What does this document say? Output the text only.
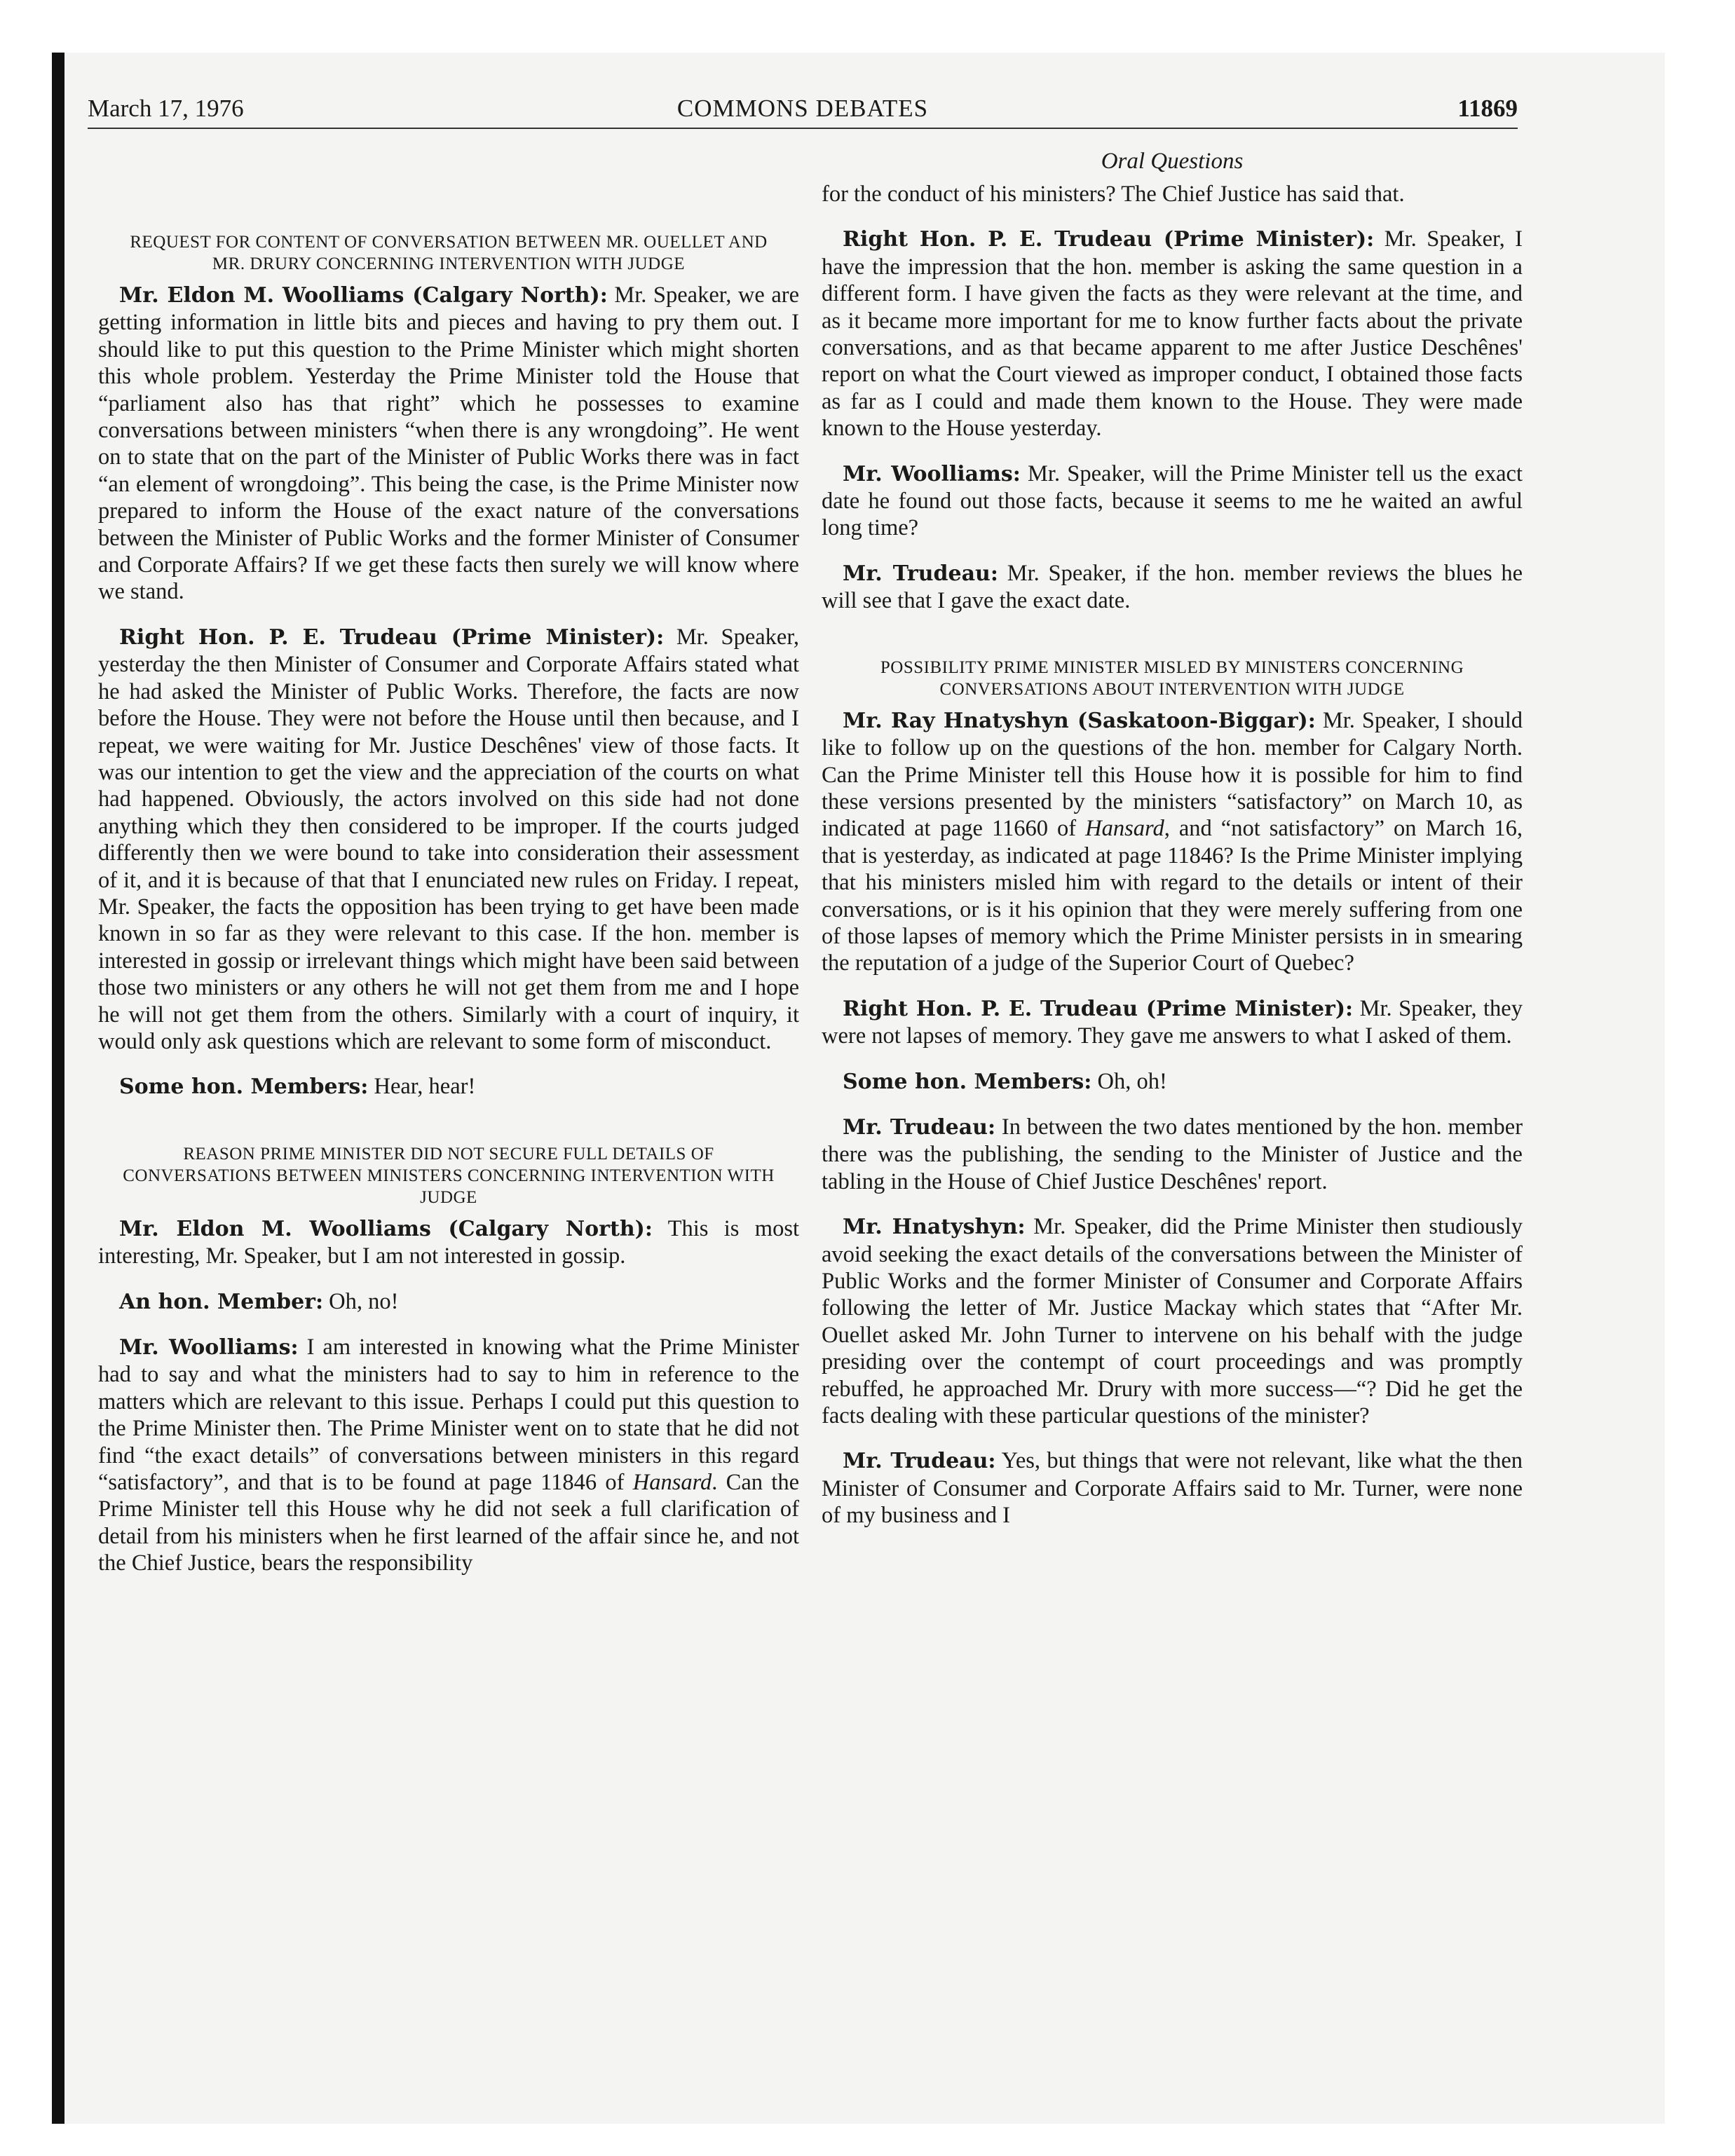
March 17, 1976	COMMONS DEBATES	11869
REQUEST FOR CONTENT OF CONVERSATION BETWEEN MR. OUELLET AND MR. DRURY CONCERNING INTERVENTION WITH JUDGE

Mr. Eldon M. Woolliams (Calgary North): Mr. Speaker, we are getting information in little bits and pieces and having to pry them out. I should like to put this question to the Prime Minister which might shorten this whole problem. Yesterday the Prime Minister told the House that “parliament also has that right” which he possesses to examine conversations between ministers “when there is any wrongdoing”. He went on to state that on the part of the Minister of Public Works there was in fact “an element of wrongdoing”. This being the case, is the Prime Minister now prepared to inform the House of the exact nature of the conversations between the Minister of Public Works and the former Minister of Consumer and Corporate Affairs? If we get these facts then surely we will know where we stand.

Right Hon. P. E. Trudeau (Prime Minister): Mr. Speaker, yesterday the then Minister of Consumer and Corporate Affairs stated what he had asked the Minister of Public Works. Therefore, the facts are now before the House. They were not before the House until then because, and I repeat, we were waiting for Mr. Justice Deschênes' view of those facts. It was our intention to get the view and the appreciation of the courts on what had happened. Obviously, the actors involved on this side had not done anything which they then considered to be improper. If the courts judged differently then we were bound to take into consideration their assessment of it, and it is because of that that I enunciated new rules on Friday. I repeat, Mr. Speaker, the facts the opposition has been trying to get have been made known in so far as they were relevant to this case. If the hon. member is interested in gossip or irrelevant things which might have been said between those two ministers or any others he will not get them from me and I hope he will not get them from the others. Similarly with a court of inquiry, it would only ask questions which are relevant to some form of misconduct.

Some hon. Members: Hear, hear!

REASON PRIME MINISTER DID NOT SECURE FULL DETAILS OF CONVERSATIONS BETWEEN MINISTERS CONCERNING INTERVENTION WITH JUDGE

Mr. Eldon M. Woolliams (Calgary North): This is most interesting, Mr. Speaker, but I am not interested in gossip.

An hon. Member: Oh, no!

Mr. Woolliams: I am interested in knowing what the Prime Minister had to say and what the ministers had to say to him in reference to the matters which are relevant to this issue. Perhaps I could put this question to the Prime Minister then. The Prime Minister went on to state that he did not find “the exact details” of conversations between ministers in this regard “satisfactory”, and that is to be found at page 11846 of Hansard. Can the Prime Minister tell this House why he did not seek a full clarification of detail from his ministers when he first learned of the affair since he, and not the Chief Justice, bears the responsibility

Oral Questions

for the conduct of his ministers? The Chief Justice has said that.

Right Hon. P. E. Trudeau (Prime Minister): Mr. Speaker, I have the impression that the hon. member is asking the same question in a different form. I have given the facts as they were relevant at the time, and as it became more important for me to know further facts about the private conversations, and as that became apparent to me after Justice Deschênes' report on what the Court viewed as improper conduct, I obtained those facts as far as I could and made them known to the House. They were made known to the House yesterday.

Mr. Woolliams: Mr. Speaker, will the Prime Minister tell us the exact date he found out those facts, because it seems to me he waited an awful long time?

Mr. Trudeau: Mr. Speaker, if the hon. member reviews the blues he will see that I gave the exact date.

POSSIBILITY PRIME MINISTER MISLED BY MINISTERS CONCERNING CONVERSATIONS ABOUT INTERVENTION WITH JUDGE

Mr. Ray Hnatyshyn (Saskatoon-Biggar): Mr. Speaker, I should like to follow up on the questions of the hon. member for Calgary North. Can the Prime Minister tell this House how it is possible for him to find these versions presented by the ministers “satisfactory” on March 10, as indicated at page 11660 of Hansard, and “not satisfactory” on March 16, that is yesterday, as indicated at page 11846? Is the Prime Minister implying that his ministers misled him with regard to the details or intent of their conversations, or is it his opinion that they were merely suffering from one of those lapses of memory which the Prime Minister persists in in smearing the reputation of a judge of the Superior Court of Quebec?

Right Hon. P. E. Trudeau (Prime Minister): Mr. Speaker, they were not lapses of memory. They gave me answers to what I asked of them.

Some hon. Members: Oh, oh!

Mr. Trudeau: In between the two dates mentioned by the hon. member there was the publishing, the sending to the Minister of Justice and the tabling in the House of Chief Justice Deschênes' report.

Mr. Hnatyshyn: Mr. Speaker, did the Prime Minister then studiously avoid seeking the exact details of the conversations between the Minister of Public Works and the former Minister of Consumer and Corporate Affairs following the letter of Mr. Justice Mackay which states that “After Mr. Ouellet asked Mr. John Turner to intervene on his behalf with the judge presiding over the contempt of court proceedings and was promptly rebuffed, he approached Mr. Drury with more success—“? Did he get the facts dealing with these particular questions of the minister?

Mr. Trudeau: Yes, but things that were not relevant, like what the then Minister of Consumer and Corporate Affairs said to Mr. Turner, were none of my business and I
